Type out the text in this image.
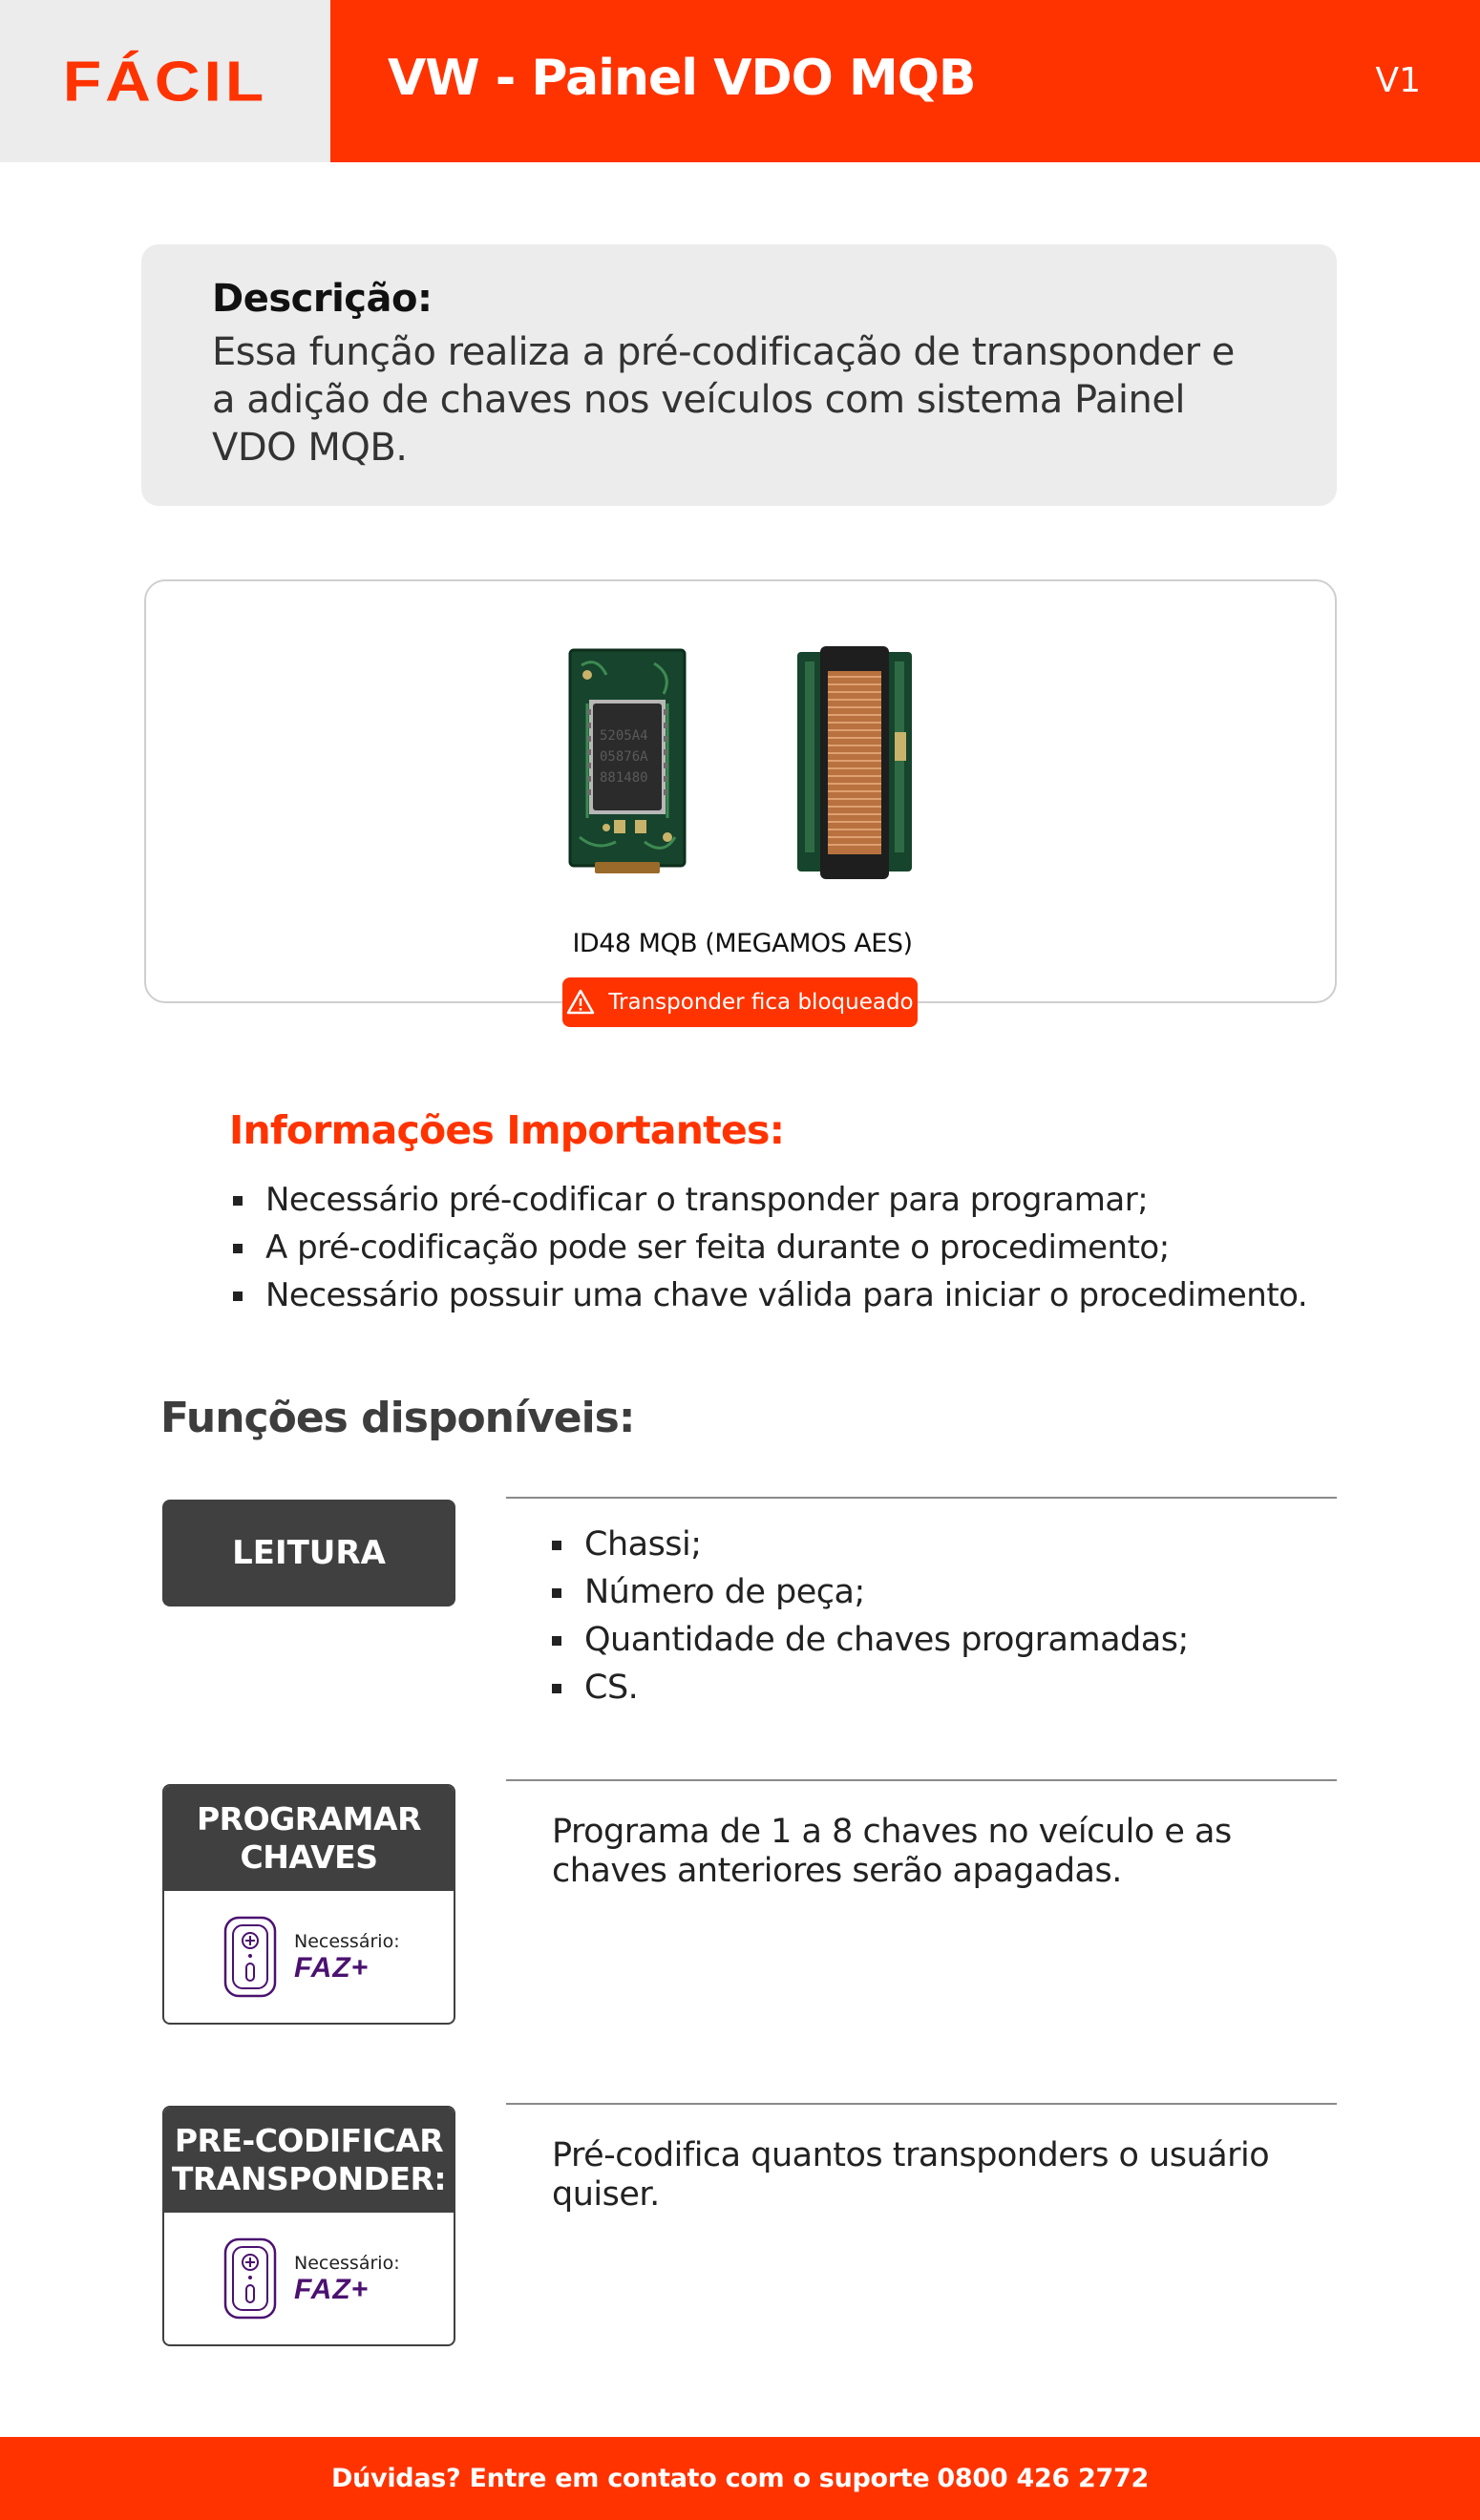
FÁCIL VW - Painel VDO MQB	V1
Descrição:
Essa função realiza a pré-codificação de transponder e a adição de chaves nos veículos com sistema Painel VDO MQB.
5205A4
05876A
881480
ID48 MQB (MEGAMOS AES)
Transponder fica bloqueado
Informações Importantes:
Necessário pré-codificar o transponder para programar;
A pré-codificação pode ser feita durante o procedimento;
Necessário possuir uma chave válida para iniciar o procedimento.
Funções disponíveis:
LEITURA	Chassi;
Número de peça;
Quantidade de chaves programadas;
CS.
PROGRAMAR CHAVES
Necessário:
FAZ+
Programa de 1 a 8 chaves no veículo e as chaves anteriores serão apagadas.
PRE-CODIFICAR TRANSPONDER:
Necessário:
FAZ+
Pré-codifica quantos transponders o usuário quiser.
Dúvidas? Entre em contato com o suporte 0800 426 2772
